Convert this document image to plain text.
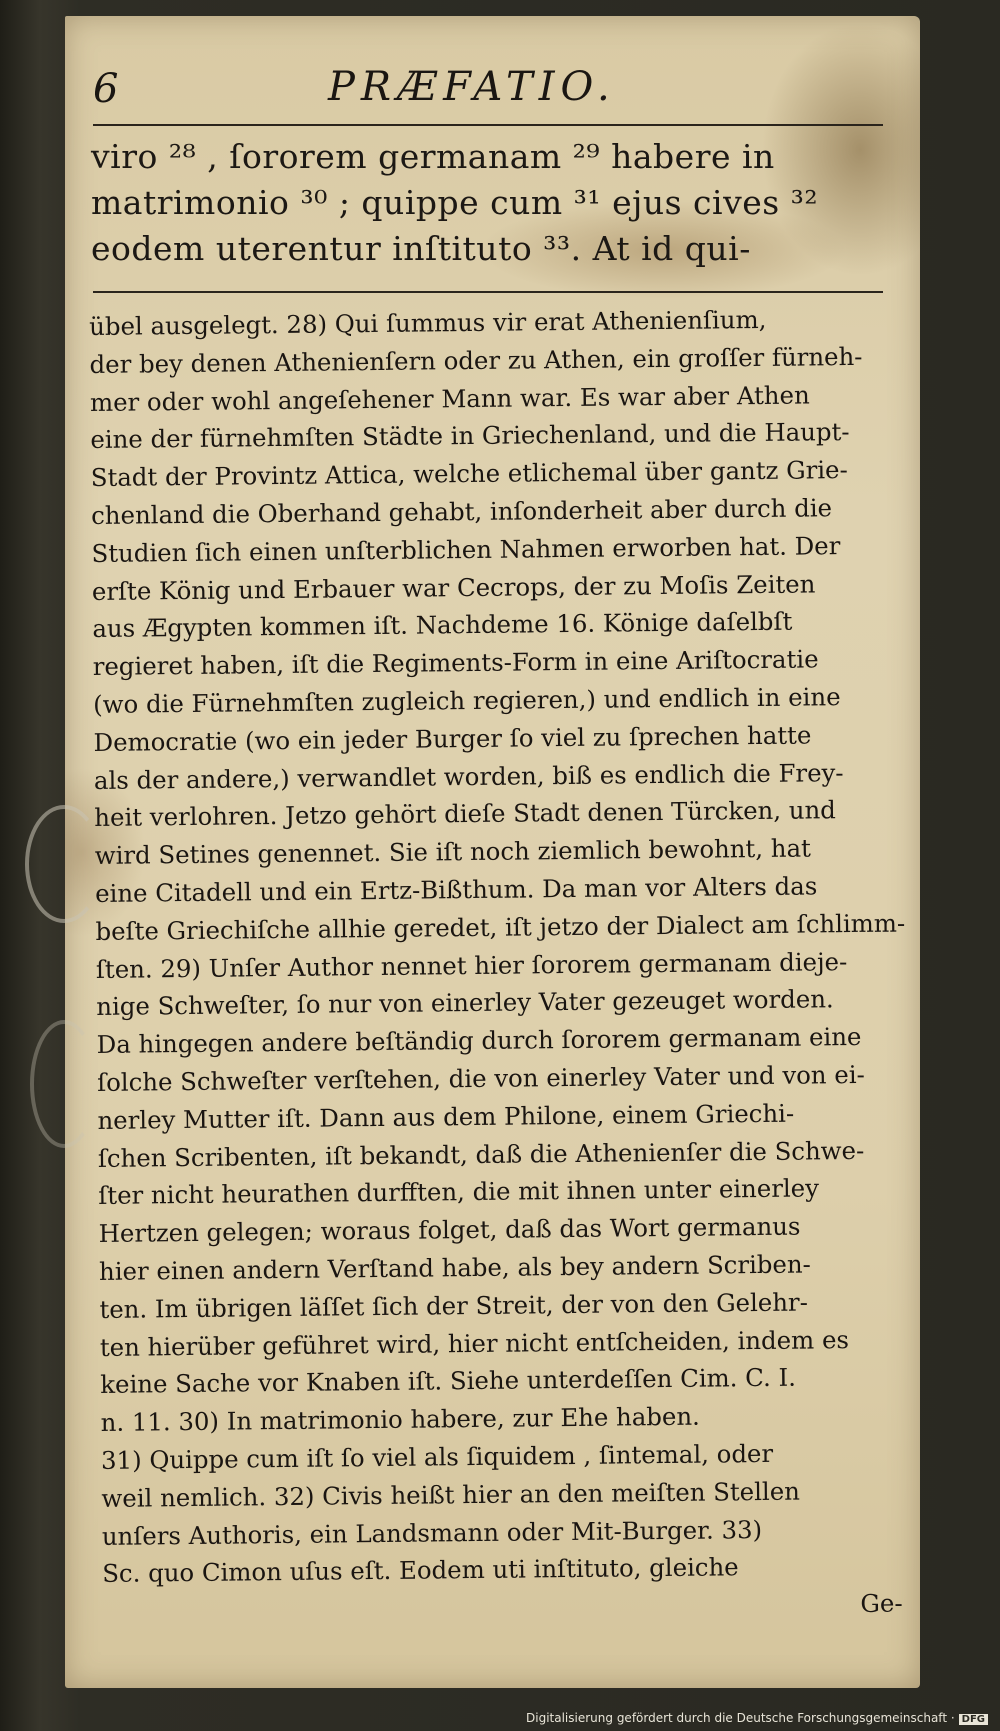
6	PRÆFATIO.
viro ²⁸ , ſororem germanam ²⁹ habere in
matrimonio ³⁰ ; quippe cum ³¹ ejus cives ³²
eodem uterentur inſtituto ³³. At id qui-
übel ausgelegt. 28) Qui ſummus vir erat Athenienſium,
der bey denen Athenienſern oder zu Athen, ein groſſer fürneh-
mer oder wohl angeſehener Mann war. Es war aber Athen
eine der fürnehmſten Städte in Griechenland, und die Haupt-
Stadt der Provintz Attica, welche etlichemal über gantz Grie-
chenland die Oberhand gehabt, inſonderheit aber durch die
Studien ſich einen unſterblichen Nahmen erworben hat. Der
erſte König und Erbauer war Cecrops, der zu Moſis Zeiten
aus Ægypten kommen iſt. Nachdeme 16. Könige daſelbſt
regieret haben, iſt die Regiments-Form in eine Ariſtocratie
(wo die Fürnehmſten zugleich regieren,) und endlich in eine
Democratie (wo ein jeder Burger ſo viel zu ſprechen hatte
als der andere,) verwandlet worden, biß es endlich die Frey-
heit verlohren. Jetzo gehört dieſe Stadt denen Türcken, und
wird Setines genennet. Sie iſt noch ziemlich bewohnt, hat
eine Citadell und ein Ertz-Bißthum. Da man vor Alters das
beſte Griechiſche allhie geredet, iſt jetzo der Dialect am ſchlimm-
ſten. 29) Unſer Author nennet hier ſororem germanam dieje-
nige Schweſter, ſo nur von einerley Vater gezeuget worden.
Da hingegen andere beſtändig durch ſororem germanam eine
ſolche Schweſter verſtehen, die von einerley Vater und von ei-
nerley Mutter iſt. Dann aus dem Philone, einem Griechi-
ſchen Scribenten, iſt bekandt, daß die Athenienſer die Schwe-
ſter nicht heurathen durfften, die mit ihnen unter einerley
Hertzen gelegen; woraus folget, daß das Wort germanus
hier einen andern Verſtand habe, als bey andern Scriben-
ten. Im übrigen läſſet ſich der Streit, der von den Gelehr-
ten hierüber geführet wird, hier nicht entſcheiden, indem es
keine Sache vor Knaben iſt. Siehe unterdeſſen Cim. C. I.
n. 11. 30) In matrimonio habere, zur Ehe haben.
31) Quippe cum iſt ſo viel als ſiquidem , ſintemal, oder
weil nemlich. 32) Civis heißt hier an den meiſten Stellen
unſers Authoris, ein Landsmann oder Mit-Burger. 33)
Sc. quo Cimon uſus eſt. Eodem uti inſtituto, gleiche
Ge-
Digitalisierung gefördert durch die Deutsche Forschungsgemeinschaft · DFG
